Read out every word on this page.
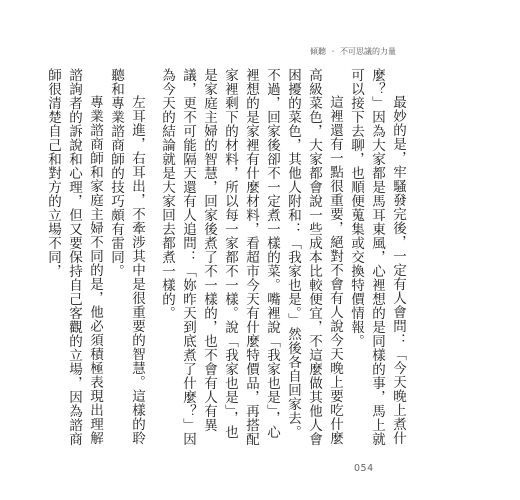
傾聽 ・ 不可思議的力量

最妙的是，牢騷發完後，一定有人會問：「今天晚上煮什麼？」因為大家都是馬耳東風，心裡想的是同樣的事，馬上就可以接下去聊，也順便蒐集或交換特價情報。

這裡還有一點很重要，絕對不會有人說今天晚上要吃什麼高級菜色，大家都會說一些成本比較便宜，不這麼做其他人會困擾的菜色，其他人附和：「我家也是。」然後各自回家去。不過，回家後卻不一定煮一樣的菜。嘴裡說「我家也是」，心裡想的是家裡有什麼材料，看超市今天有什麼特價品，再搭配家裡剩下的材料，所以每一家都不一樣。說「我家也是」，也是家庭主婦的智慧，回家後煮了不一樣的，也不會有人有異議，更不可能隔天還有人追問：「妳昨天到底煮了什麼？」因為今天的結論就是大家回去都煮一樣的。

左耳進，右耳出，不牽涉其中是很重要的智慧。這樣的聆聽和專業諮商師的技巧頗有雷同。

專業諮商師和家庭主婦不同的是，他必須積極表現出理解諮詢者的訴說和心理，但又要保持自己客觀的立場，因為諮商師很清楚自己和對方的立場不同，

054
